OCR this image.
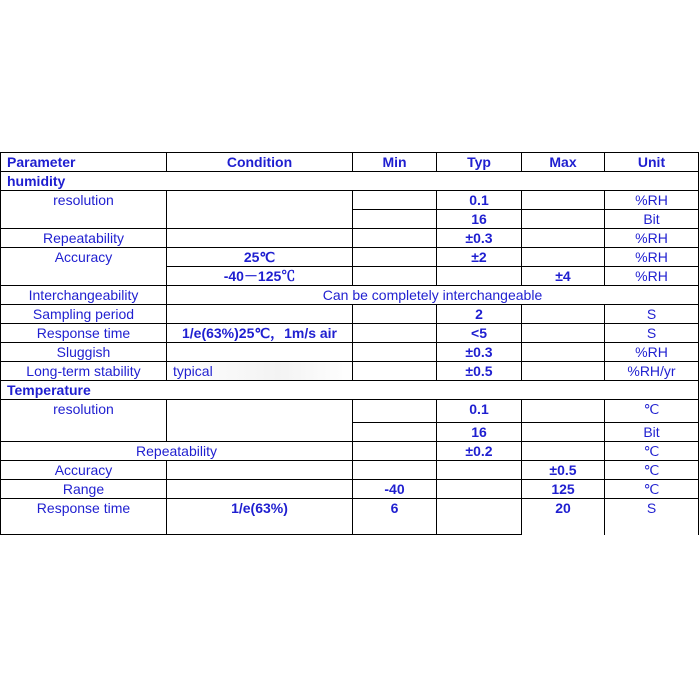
Parameter	Condition	Min	Typ	Max	Unit
humidity					
resolution			0.1		%RH
			16		Bit
Repeatability			±0.3		%RH
Accuracy	25℃		±2		%RH
	-40－125℃			±4	%RH
Interchangeability	Can be completely interchangeable				
Sampling period			2		S
Response time	1/e(63%)25℃，1m/s air		<5		S
Sluggish			±0.3		%RH
Long-term stability	typical		±0.5		%RH/yr
Temperature					
resolution			0.1		℃
			16		Bit
Repeatability			±0.2		℃
Accuracy				±0.5	℃
Range		-40		125	℃
Response time	1/e(63%)	6		20	S
